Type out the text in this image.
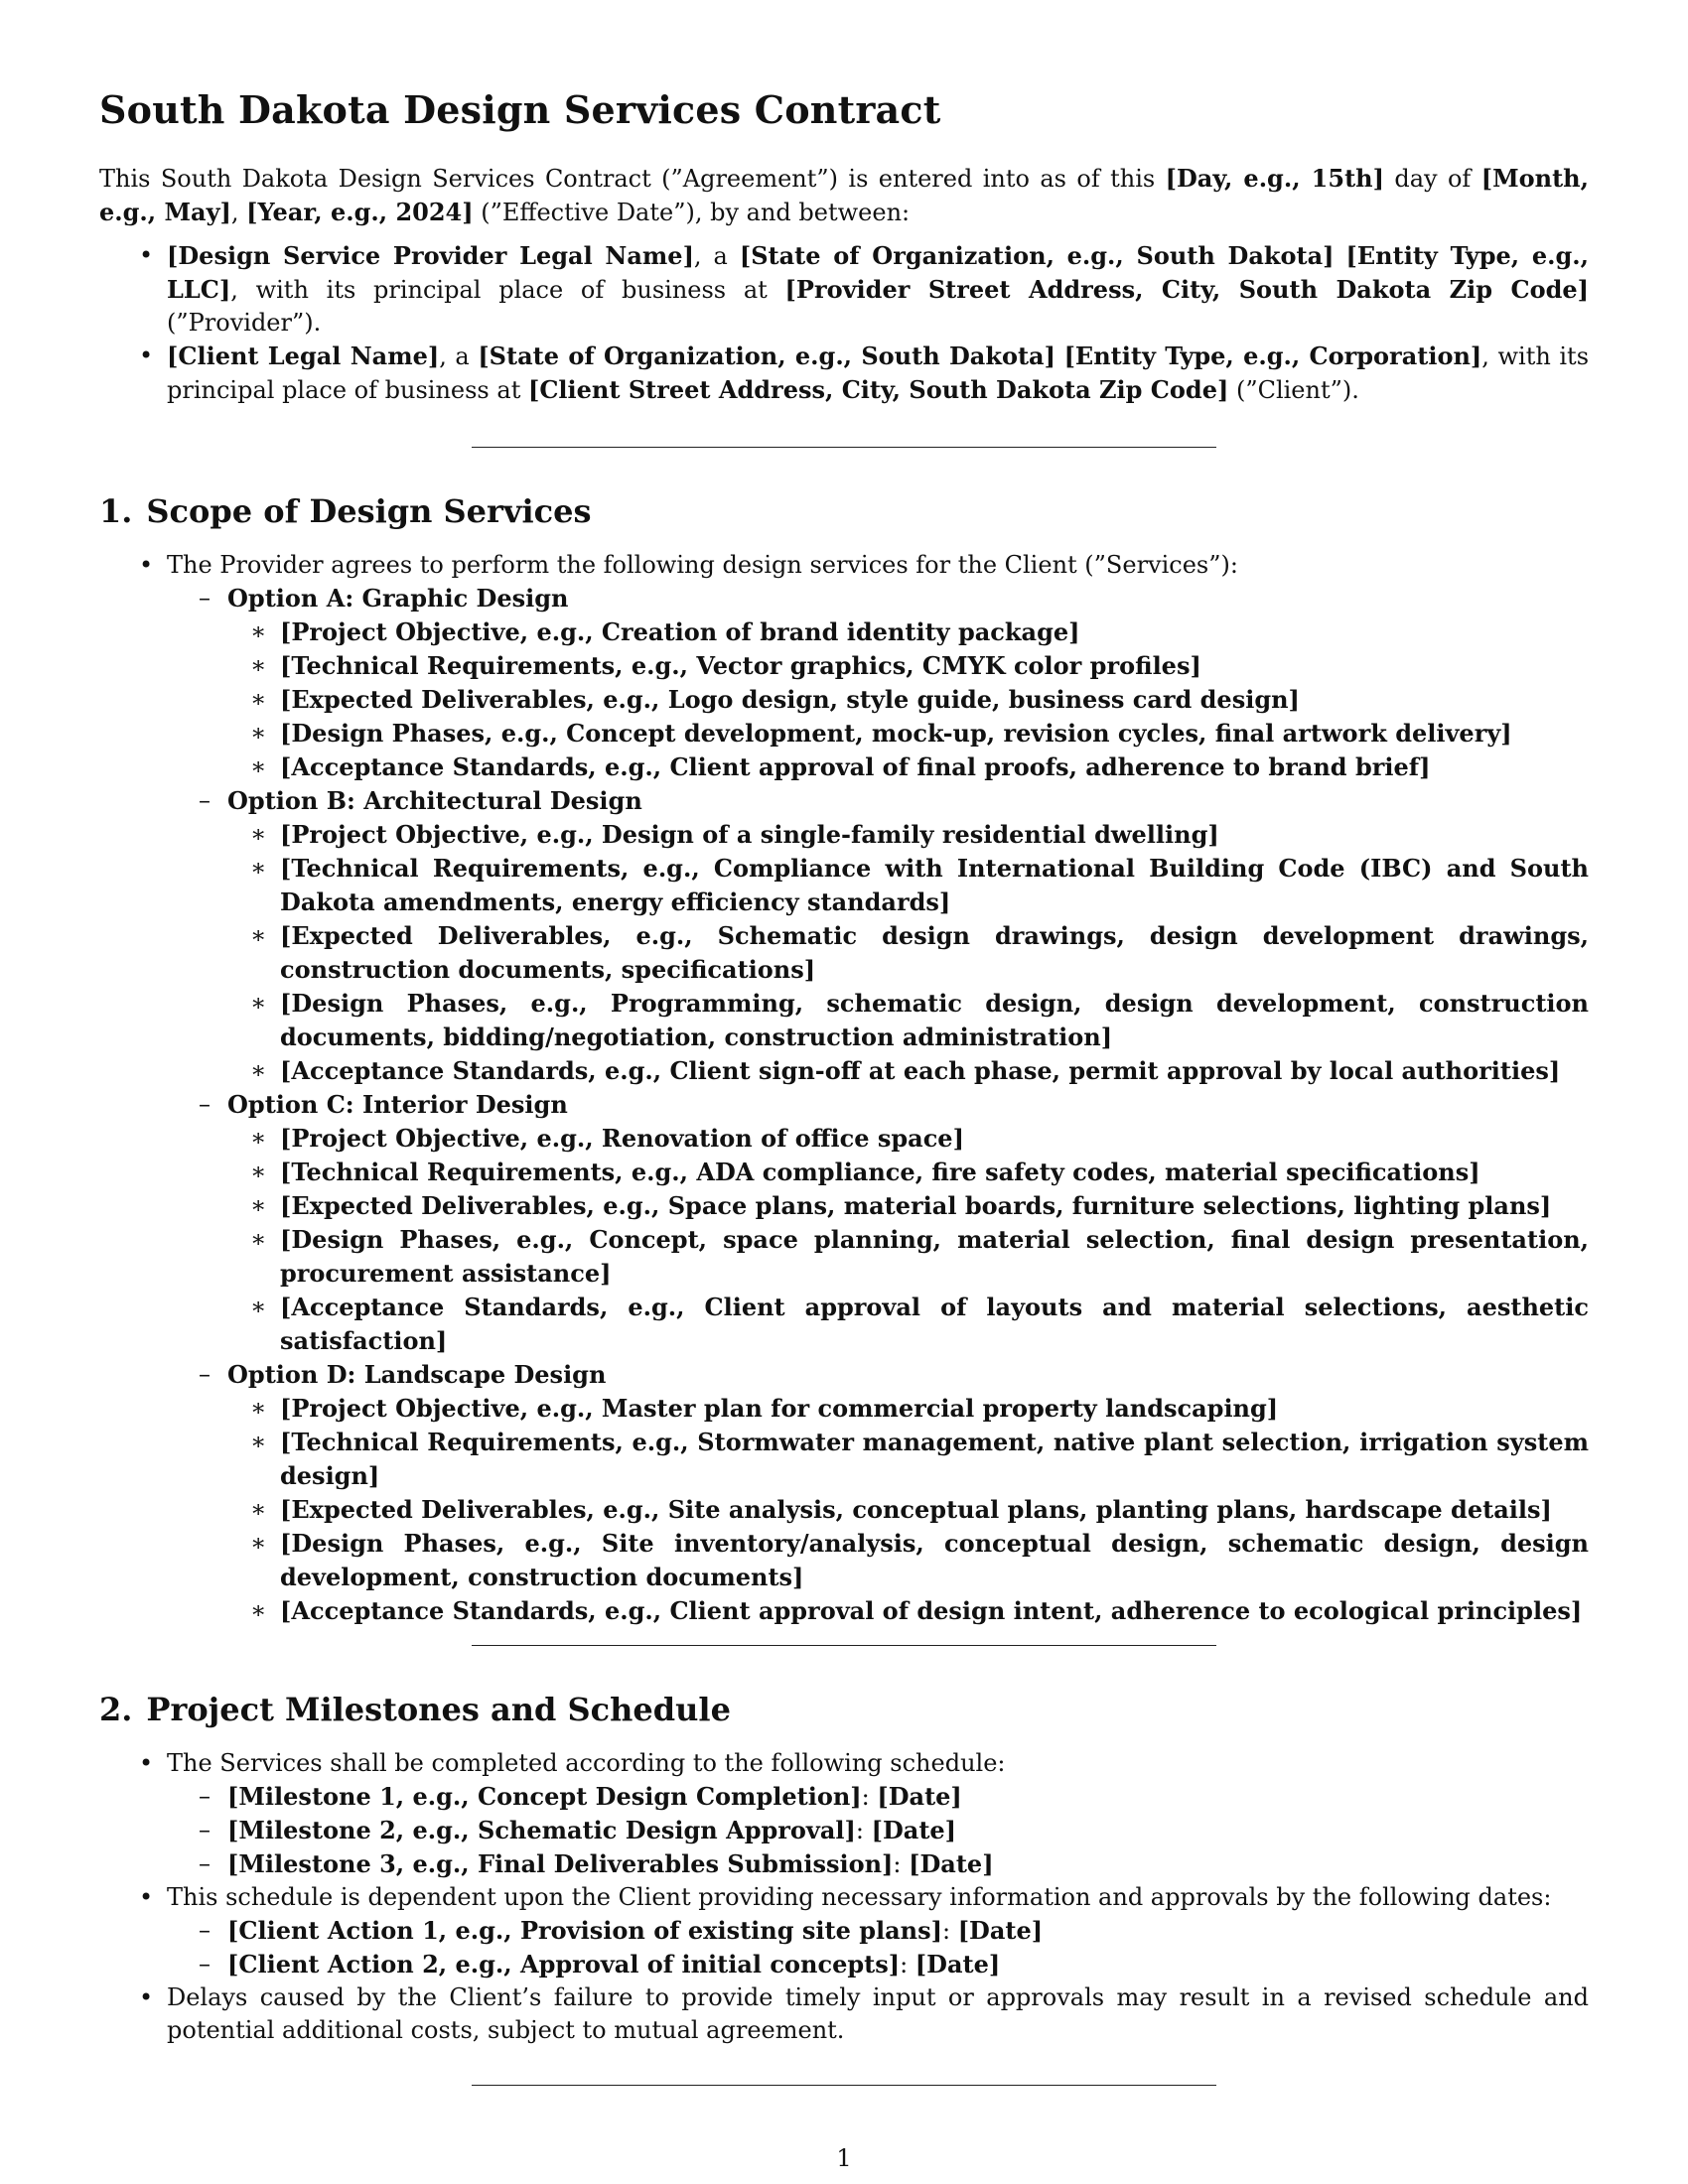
South Dakota Design Services Contract

This South Dakota Design Services Contract (”Agreement”) is entered into as of this [Day, e.g., 15th] day of [Month, e.g., May], [Year, e.g., 2024] (”Effective Date”), by and between:

• [Design Service Provider Legal Name], a [State of Organization, e.g., South Dakota] [Entity Type, e.g., LLC], with its principal place of business at [Provider Street Address, City, South Dakota Zip Code] (”Provider”).
• [Client Legal Name], a [State of Organization, e.g., South Dakota] [Entity Type, e.g., Corporation], with its principal place of business at [Client Street Address, City, South Dakota Zip Code] (”Client”).
1. Scope of Design Services
• The Provider agrees to perform the following design services for the Client (”Services”):
– Option A: Graphic Design
∗ [Project Objective, e.g., Creation of brand identity package]
∗ [Technical Requirements, e.g., Vector graphics, CMYK color profiles]
∗ [Expected Deliverables, e.g., Logo design, style guide, business card design]
∗ [Design Phases, e.g., Concept development, mock-up, revision cycles, final artwork delivery]
∗ [Acceptance Standards, e.g., Client approval of final proofs, adherence to brand brief]
– Option B: Architectural Design
∗ [Project Objective, e.g., Design of a single-family residential dwelling]
∗ [Technical Requirements, e.g., Compliance with International Building Code (IBC) and South Dakota amendments, energy efficiency standards]
∗ [Expected Deliverables, e.g., Schematic design drawings, design development drawings, construction documents, specifications]
∗ [Design Phases, e.g., Programming, schematic design, design development, construction documents, bidding/negotiation, construction administration]
∗ [Acceptance Standards, e.g., Client sign-off at each phase, permit approval by local authorities]
– Option C: Interior Design
∗ [Project Objective, e.g., Renovation of office space]
∗ [Technical Requirements, e.g., ADA compliance, fire safety codes, material specifications]
∗ [Expected Deliverables, e.g., Space plans, material boards, furniture selections, lighting plans]
∗ [Design Phases, e.g., Concept, space planning, material selection, final design presentation, procurement assistance]
∗ [Acceptance Standards, e.g., Client approval of layouts and material selections, aesthetic satisfaction]
– Option D: Landscape Design
∗ [Project Objective, e.g., Master plan for commercial property landscaping]
∗ [Technical Requirements, e.g., Stormwater management, native plant selection, irrigation system design]
∗ [Expected Deliverables, e.g., Site analysis, conceptual plans, planting plans, hardscape details]
∗ [Design Phases, e.g., Site inventory/analysis, conceptual design, schematic design, design development, construction documents]
∗ [Acceptance Standards, e.g., Client approval of design intent, adherence to ecological principles]
2. Project Milestones and Schedule
• The Services shall be completed according to the following schedule:
– [Milestone 1, e.g., Concept Design Completion]: [Date]
– [Milestone 2, e.g., Schematic Design Approval]: [Date]
– [Milestone 3, e.g., Final Deliverables Submission]: [Date]
• This schedule is dependent upon the Client providing necessary information and approvals by the following dates:
– [Client Action 1, e.g., Provision of existing site plans]: [Date]
– [Client Action 2, e.g., Approval of initial concepts]: [Date]
• Delays caused by the Client’s failure to provide timely input or approvals may result in a revised schedule and potential additional costs, subject to mutual agreement.
1
